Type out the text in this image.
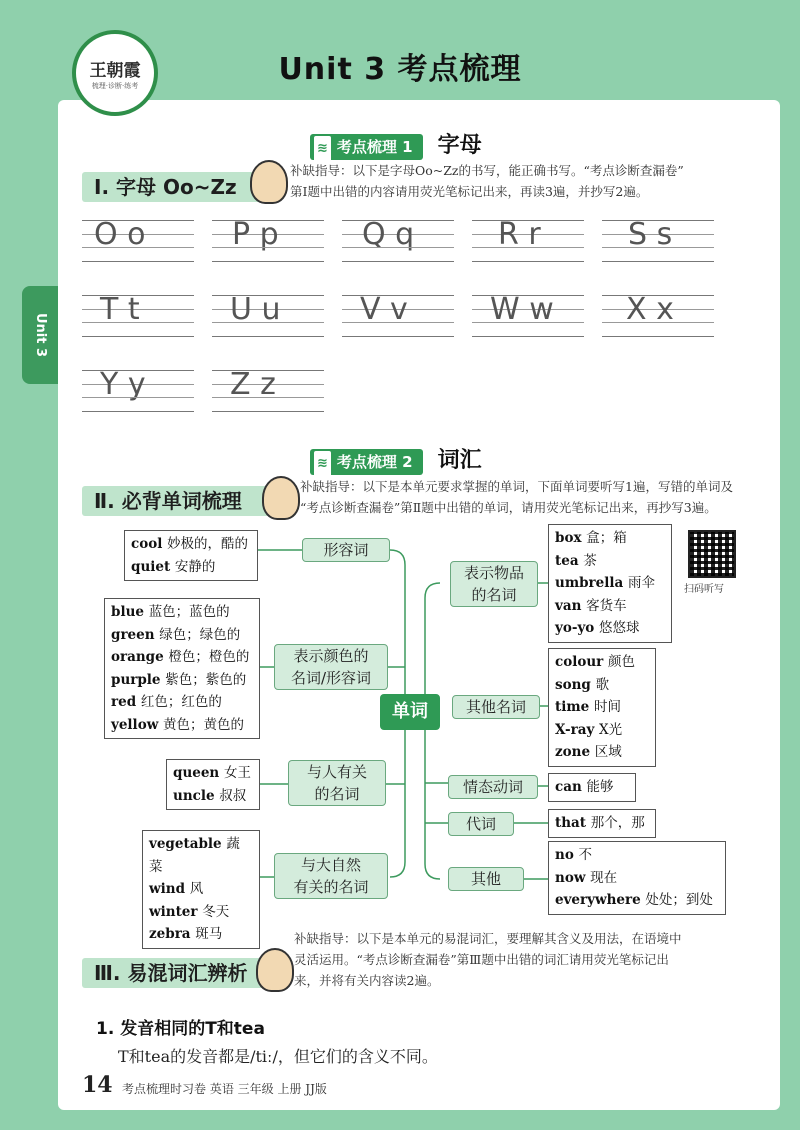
王朝霞
梳理·诊断·练考	Unit 3 考点梳理
Unit 3
≋ 考点梳理 1 字母
Ⅰ. 字母 Oo~Zz
补缺指导：以下是字母Oo~Zz的书写，能正确书写。“考点诊断查漏卷”
第Ⅰ题中出错的内容请用荧光笔标记出来，再读3遍，并抄写2遍。
O o	P p	Q q	R r	S s
T t	U u	V v	W w X x
Y y	Z z
≋ 考点梳理 2 词汇
Ⅱ. 必背单词梳理
补缺指导：以下是本单元要求掌握的单词，下面单词要听写1遍，写错的单词及
“考点诊断查漏卷”第Ⅱ题中出错的单词，请用荧光笔标记出来，再抄写3遍。
cool 妙极的，酷的
quiet 安静的
blue 蓝色；蓝色的
green 绿色；绿色的
orange 橙色；橙色的
purple 紫色；紫色的
red 红色；红色的
yellow 黄色；黄色的
queen 女王
uncle 叔叔
vegetable 蔬菜
wind 风
winter 冬天
zebra 斑马
形容词
表示颜色的
名词/形容词
与人有关
的名词
与大自然
有关的名词
单词
表示物品
的名词
其他名词
情态动词
代词
其他
box 盒；箱
tea 茶
umbrella 雨伞
van 客货车
yo-yo 悠悠球
colour 颜色
song 歌
time 时间
X-ray X光
zone 区域
can 能够
that 那个，那
no 不
now 现在
everywhere 处处；到处
扫码听写
Ⅲ. 易混词汇辨析
补缺指导：以下是本单元的易混词汇，要理解其含义及用法，在语境中
灵活运用。“考点诊断查漏卷”第Ⅲ题中出错的词汇请用荧光笔标记出
来，并将有关内容读2遍。
1. 发音相同的T和tea
T和tea的发音都是/tiː/，但它们的含义不同。
14 考点梳理时习卷 英语 三年级 上册 JJ版
